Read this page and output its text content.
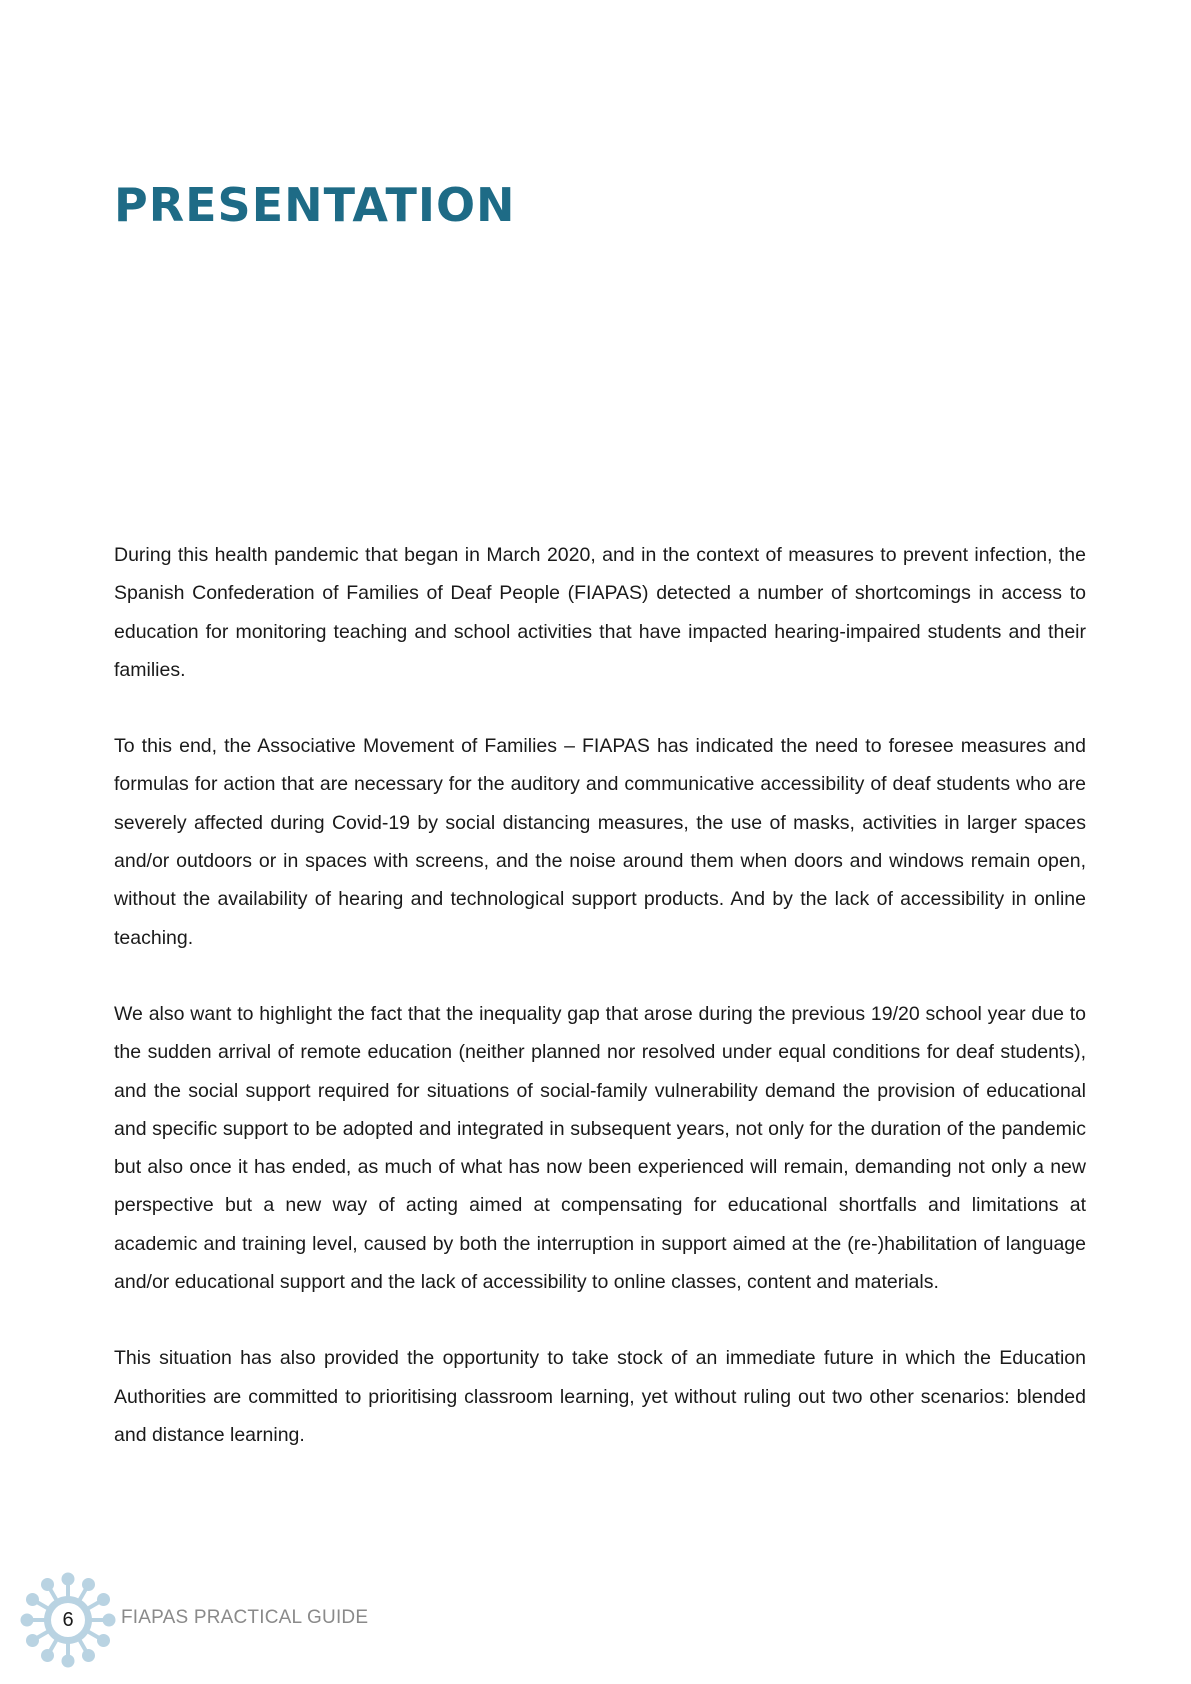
PRESENTATION

During this health pandemic that began in March 2020, and in the context of measures to prevent infection, the Spanish Confederation of Families of Deaf People (FIAPAS) detected a number of shortcomings in access to education for monitoring teaching and school activities that have impacted hearing-impaired students and their families.

To this end, the Associative Movement of Families – FIAPAS has indicated the need to foresee measures and formulas for action that are necessary for the auditory and communicative accessibility of deaf students who are severely affected during Covid-19 by social distancing measures, the use of masks, activities in larger spaces and/or outdoors or in spaces with screens, and the noise around them when doors and windows remain open, without the availability of hearing and technological support products. And by the lack of accessibility in online teaching.

We also want to highlight the fact that the inequality gap that arose during the previous 19/20 school year due to the sudden arrival of remote education (neither planned nor resolved under equal conditions for deaf students), and the social support required for situations of social-family vulnerability demand the provision of educational and specific support to be adopted and integrated in subsequent years, not only for the duration of the pandemic but also once it has ended, as much of what has now been experienced will remain, demanding not only a new perspective but a new way of acting aimed at compensating for educational shortfalls and limitations at academic and training level, caused by both the interruption in support aimed at the (re-)habilitation of language and/or educational support and the lack of accessibility to online classes, content and materials.

This situation has also provided the opportunity to take stock of an immediate future in which the Education Authorities are committed to prioritising classroom learning, yet without ruling out two other scenarios: blended and distance learning.

6	FIAPAS PRACTICAL GUIDE
